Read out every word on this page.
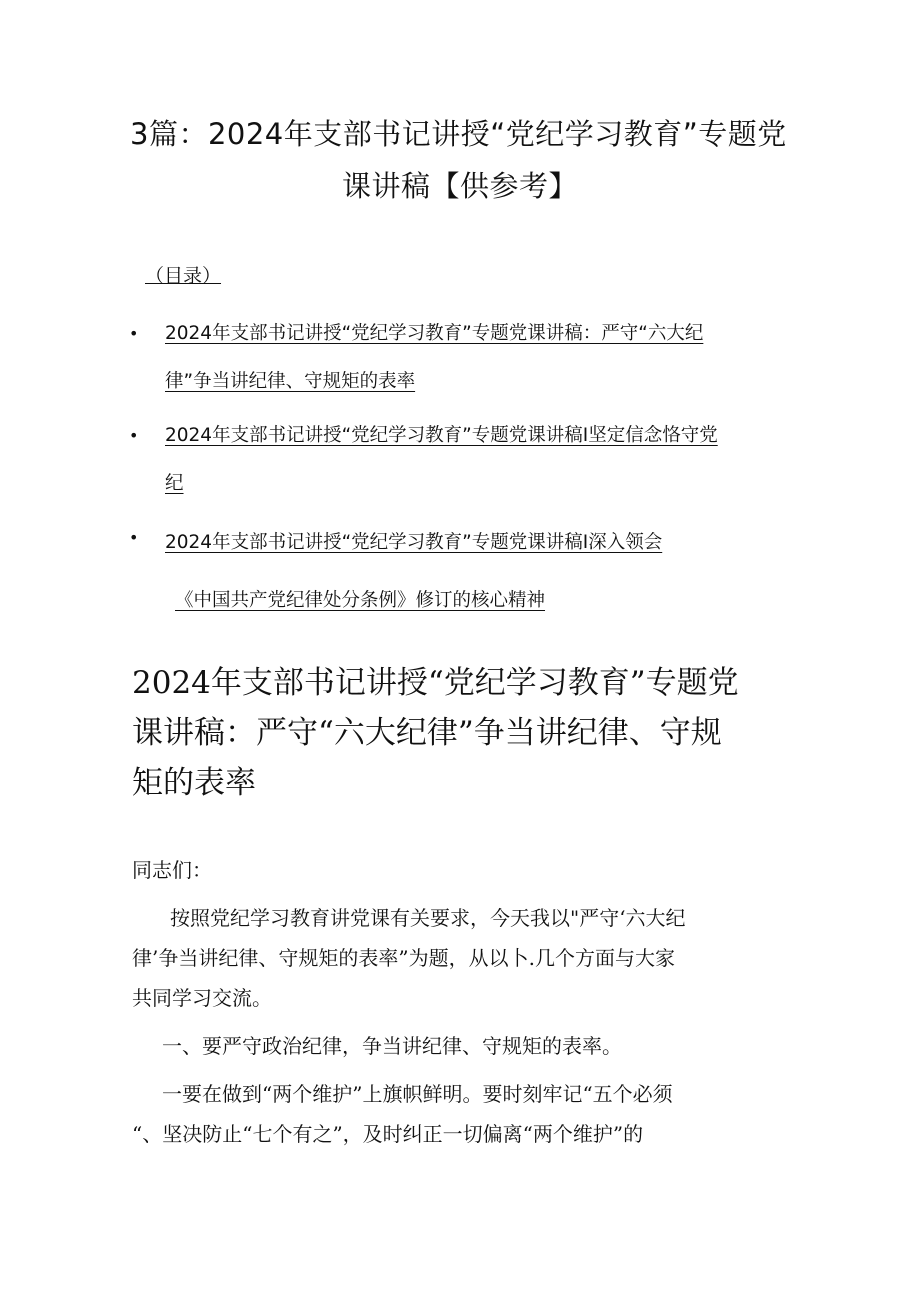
3篇：2024年支部书记讲授“党纪学习教育”专题党
课讲稿【供参考】
（目录）
• 2024年支部书记讲授“党纪学习教育”专题党课讲稿：严守“六大纪
律”争当讲纪律、守规矩的表率
• 2024年支部书记讲授“党纪学习教育”专题党课讲稿I坚定信念恪守党
纪
• 2024年支部书记讲授“党纪学习教育”专题党课讲稿I深入领会
《中国共产党纪律处分条例》修订的核心精神
2024年支部书记讲授“党纪学习教育”专题党
课讲稿：严守“六大纪律”争当讲纪律、守规
矩的表率
同志们：
按照党纪学习教育讲党课有关要求，今天我以"严守‘六大纪
律’争当讲纪律、守规矩的表率”为题，从以卜.几个方面与大家
共同学习交流。
一、要严守政治纪律，争当讲纪律、守规矩的表率。
一要在做到“两个维护”上旗帜鲜明。要时刻牢记“五个必须
“、坚决防止“七个有之”，及时纠正一切偏离“两个维护”的
